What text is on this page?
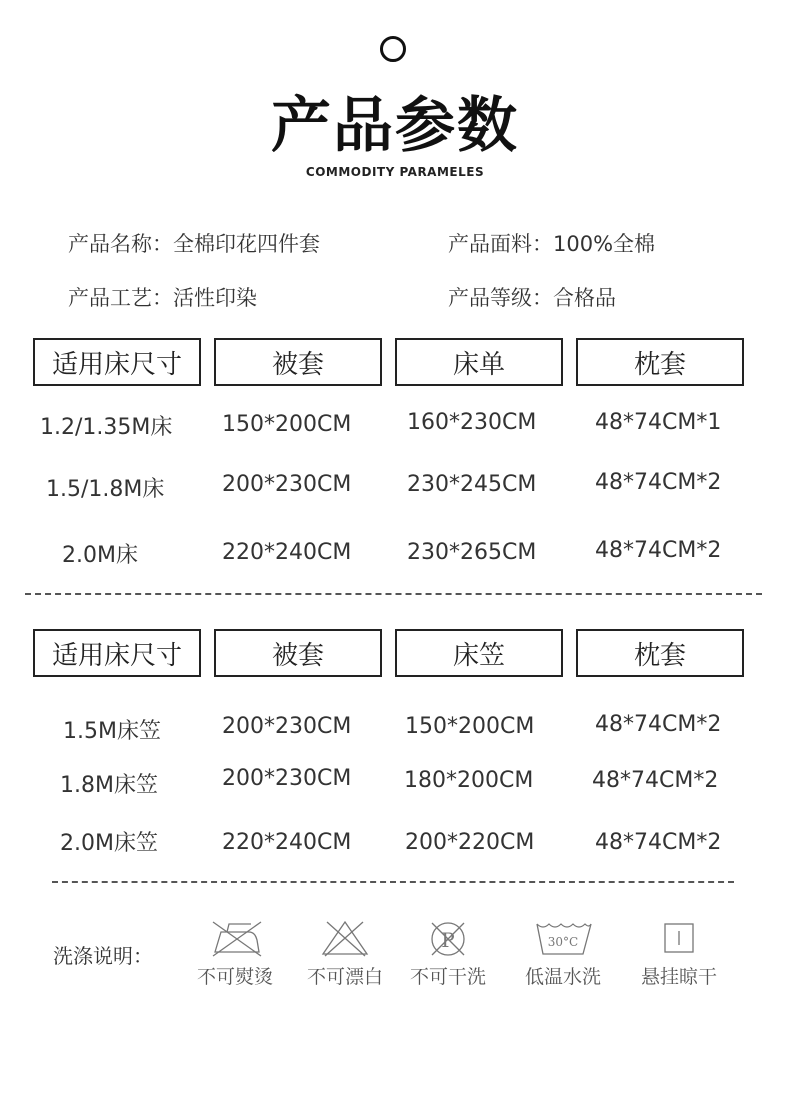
产品参数
COMMODITY PARAMELES
产品名称：全棉印花四件套	产品面料：100%全棉
产品工艺：活性印染	产品等级：合格品
适用床尺寸	被套	床单	枕套
1.2/1.35M床 150*200CM	160*230CM	48*74CM*1
1.5/1.8M床	200*230CM	230*245CM	48*74CM*2
2.0M床	220*240CM	230*265CM	48*74CM*2
适用床尺寸	被套	床笠	枕套
1.5M床笠	200*230CM 150*200CM	48*74CM*2
1.8M床笠	200*230CM 180*200CM	48*74CM*2
2.0M床笠	220*240CM 200*220CM	48*74CM*2
洗涤说明：
不可熨烫	不可漂白
P
不可干洗
30°C
低温水洗	悬挂晾干
